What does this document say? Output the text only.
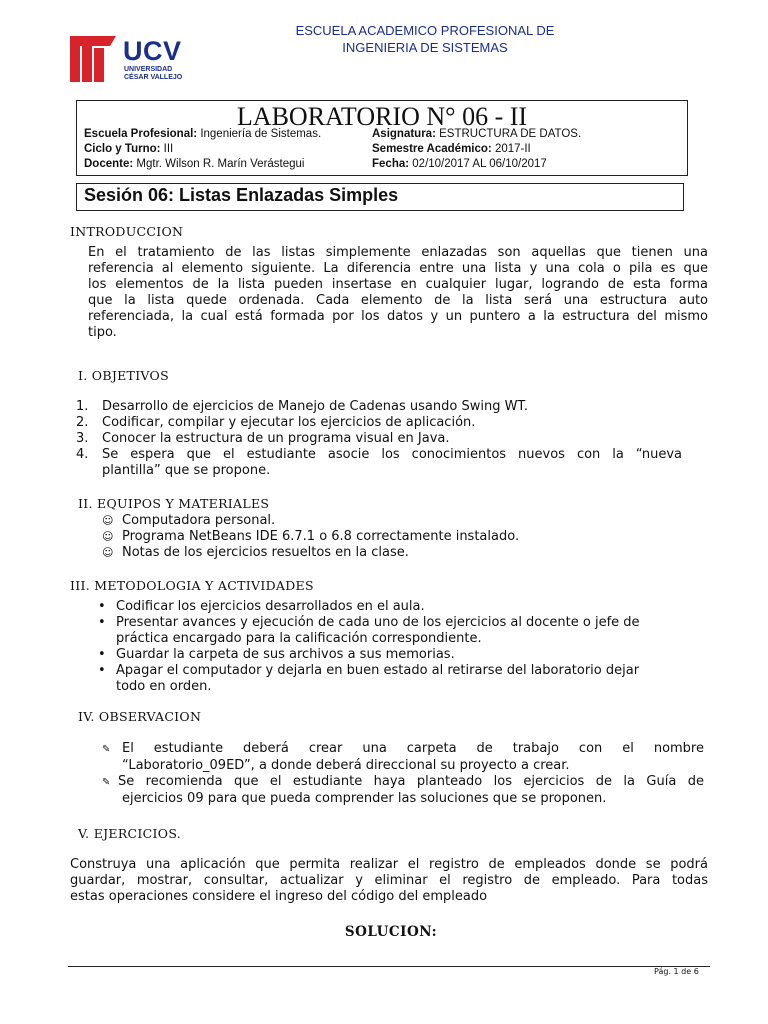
ESCUELA ACADEMICO PROFESIONAL DE
INGENIERIA DE SISTEMAS
UCV
UNIVERSIDAD
CÉSAR VALLEJO
LABORATORIO N° 06 - II
Escuela Profesional: Ingeniería de Sistemas.
Ciclo y Turno: III
Docente: Mgtr. Wilson R. Marín Verástegui
Asignatura: ESTRUCTURA DE DATOS.
Semestre Académico: 2017-II
Fecha: 02/10/2017 AL 06/10/2017
Sesión 06: Listas Enlazadas Simples
INTRODUCCION
En el tratamiento de las listas simplemente enlazadas son aquellas que tienen una
referencia al elemento siguiente. La diferencia entre una lista y una cola o pila es que
los elementos de la lista pueden insertase en cualquier lugar, logrando de esta forma
que la lista quede ordenada. Cada elemento de la lista será una estructura auto
referenciada, la cual está formada por los datos y un puntero a la estructura del mismo
tipo.
I. OBJETIVOS
1. Desarrollo de ejercicios de Manejo de Cadenas usando Swing WT.
2. Codificar, compilar y ejecutar los ejercicios de aplicación.
3. Conocer la estructura de un programa visual en Java.
4. Se espera que el estudiante asocie los conocimientos nuevos con la “nueva
plantilla” que se propone.
II. EQUIPOS Y MATERIALES
☺ Computadora personal.
☺ Programa NetBeans IDE 6.7.1 o 6.8 correctamente instalado.
☺ Notas de los ejercicios resueltos en la clase.
III. METODOLOGIA Y ACTIVIDADES
• Codificar los ejercicios desarrollados en el aula.
• Presentar avances y ejecución de cada uno de los ejercicios al docente o jefe de
práctica encargado para la calificación correspondiente.
• Guardar la carpeta de sus archivos a sus memorias.
• Apagar el computador y dejarla en buen estado al retirarse del laboratorio dejar
todo en orden.
IV. OBSERVACION
✎ El estudiante deberá crear una carpeta de trabajo con el nombre
“Laboratorio_09ED”, a donde deberá direccional su proyecto a crear.
✎ Se recomienda que el estudiante haya planteado los ejercicios de la Guía de
ejercicios 09 para que pueda comprender las soluciones que se proponen.
V. EJERCICIOS.
Construya una aplicación que permita realizar el registro de empleados donde se podrá
guardar, mostrar, consultar, actualizar y eliminar el registro de empleado. Para todas
estas operaciones considere el ingreso del código del empleado
SOLUCION:
Pág. 1 de 6
